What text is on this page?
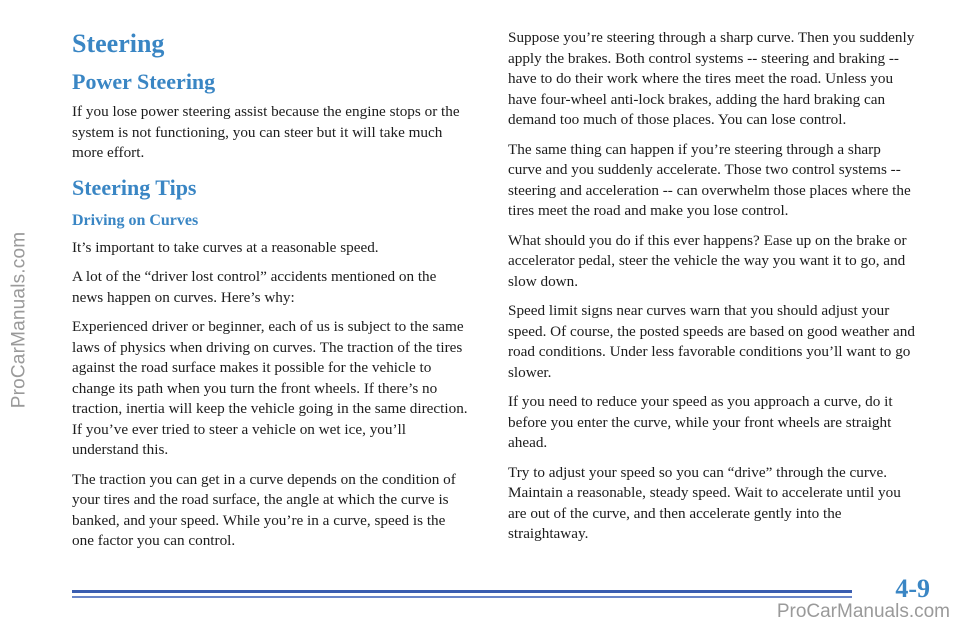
ProCarManuals.com
Steering
Power Steering

If you lose power steering assist because the engine stops or the system is not functioning, you can steer but it will take much more effort.

Steering Tips
Driving on Curves

It’s important to take curves at a reasonable speed.

A lot of the “driver lost control” accidents mentioned on the news happen on curves. Here’s why:

Experienced driver or beginner, each of us is subject to the same laws of physics when driving on curves. The traction of the tires against the road surface makes it possible for the vehicle to change its path when you turn the front wheels. If there’s no traction, inertia will keep the vehicle going in the same direction. If you’ve ever tried to steer a vehicle on wet ice, you’ll understand this.

The traction you can get in a curve depends on the condition of your tires and the road surface, the angle at which the curve is banked, and your speed. While you’re in a curve, speed is the one factor you can control.

Suppose you’re steering through a sharp curve. Then you suddenly apply the brakes. Both control systems -- steering and braking -- have to do their work where the tires meet the road. Unless you have four-wheel anti-lock brakes, adding the hard braking can demand too much of those places. You can lose control.

The same thing can happen if you’re steering through a sharp curve and you suddenly accelerate. Those two control systems -- steering and acceleration -- can overwhelm those places where the tires meet the road and make you lose control.

What should you do if this ever happens? Ease up on the brake or accelerator pedal, steer the vehicle the way you want it to go, and slow down.

Speed limit signs near curves warn that you should adjust your speed. Of course, the posted speeds are based on good weather and road conditions. Under less favorable conditions you’ll want to go slower.

If you need to reduce your speed as you approach a curve, do it before you enter the curve, while your front wheels are straight ahead.

Try to adjust your speed so you can “drive” through the curve. Maintain a reasonable, steady speed. Wait to accelerate until you are out of the curve, and then accelerate gently into the straightaway.

4-9
ProCarManuals.com
